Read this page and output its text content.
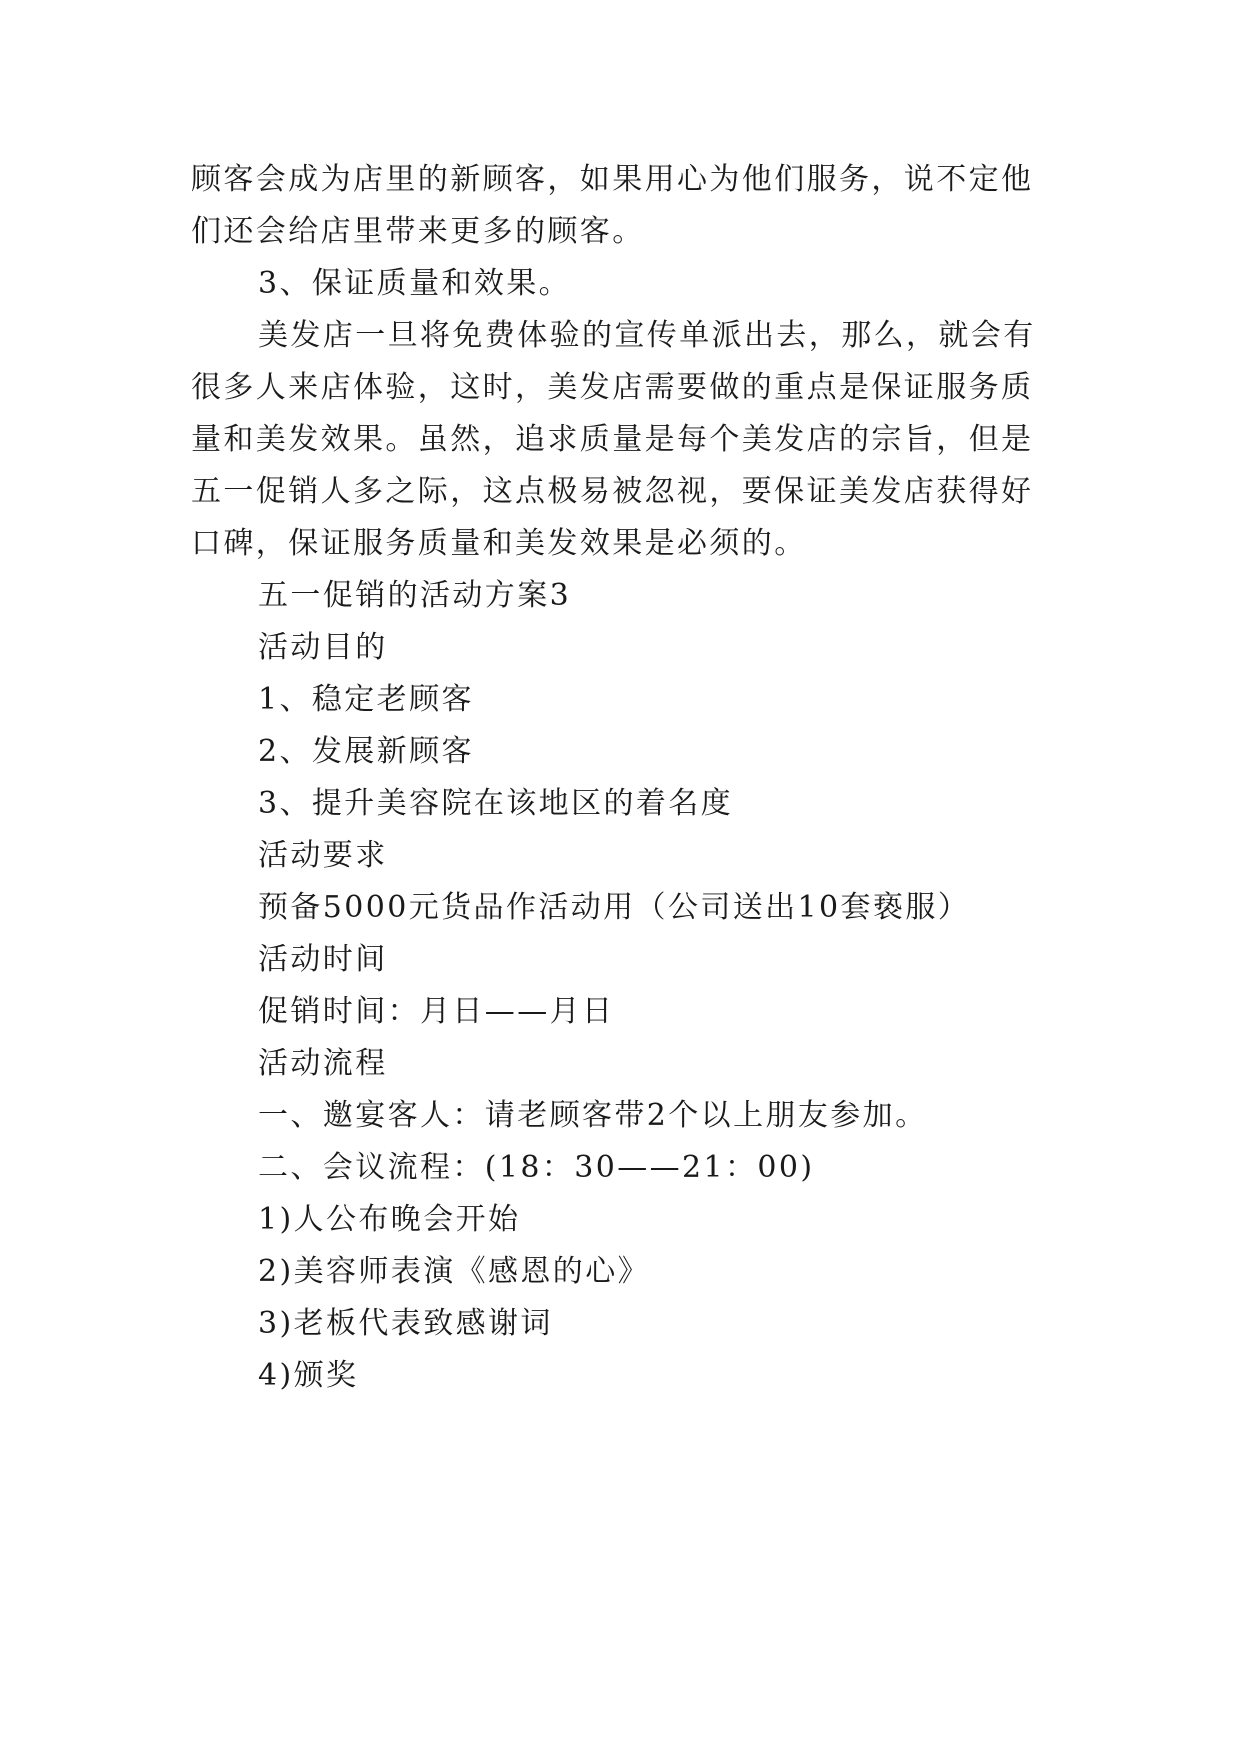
顾客会成为店里的新顾客，如果用心为他们服务，说不定他
们还会给店里带来更多的顾客。
3、保证质量和效果。
美发店一旦将免费体验的宣传单派出去，那么，就会有
很多人来店体验，这时，美发店需要做的重点是保证服务质
量和美发效果。虽然，追求质量是每个美发店的宗旨，但是
五一促销人多之际，这点极易被忽视，要保证美发店获得好
口碑，保证服务质量和美发效果是必须的。
五一促销的活动方案3
活动目的
1、稳定老顾客
2、发展新顾客
3、提升美容院在该地区的着名度
活动要求
预备5000元货品作活动用（公司送出10套亵服）
活动时间
促销时间：月日——月日
活动流程
一、邀宴客人：请老顾客带2个以上朋友参加。
二、会议流程：(18：30——21：00)
1)人公布晚会开始
2)美容师表演《感恩的心》
3)老板代表致感谢词
4)颁奖
